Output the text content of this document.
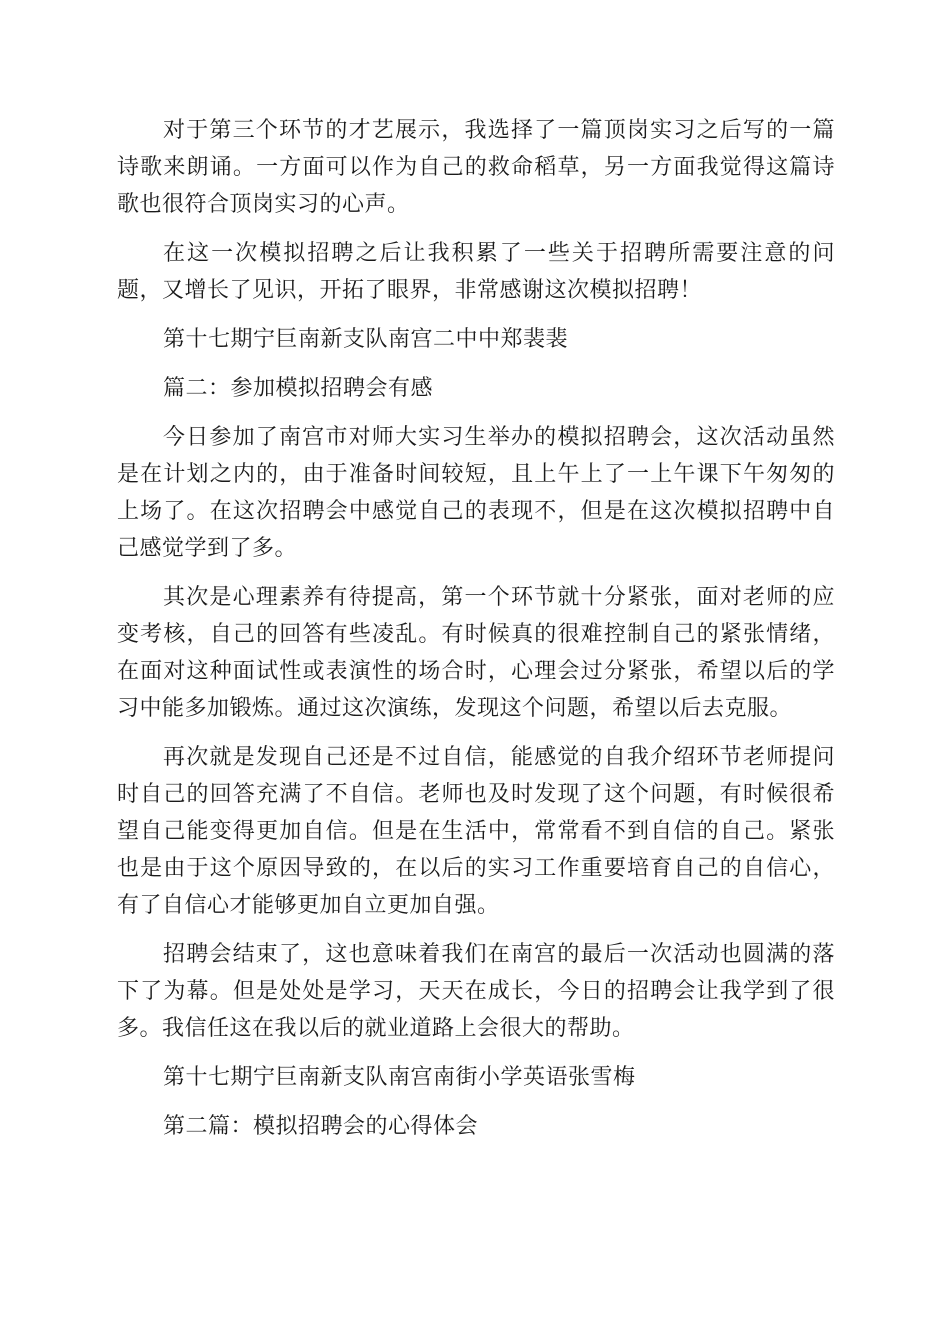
对于第三个环节的才艺展示，我选择了一篇顶岗实习之后写的一篇诗歌来朗诵。一方面可以作为自己的救命稻草，另一方面我觉得这篇诗歌也很符合顶岗实习的心声。

在这一次模拟招聘之后让我积累了一些关于招聘所需要注意的问题，又增长了见识，开拓了眼界，非常感谢这次模拟招聘！

第十七期宁巨南新支队南宫二中中郑裴裴

篇二：参加模拟招聘会有感

今日参加了南宫市对师大实习生举办的模拟招聘会，这次活动虽然是在计划之内的，由于准备时间较短，且上午上了一上午课下午匆匆的上场了。在这次招聘会中感觉自己的表现不，但是在这次模拟招聘中自己感觉学到了多。

其次是心理素养有待提高，第一个环节就十分紧张，面对老师的应变考核，自己的回答有些凌乱。有时候真的很难控制自己的紧张情绪，在面对这种面试性或表演性的场合时，心理会过分紧张，希望以后的学习中能多加锻炼。通过这次演练，发现这个问题，希望以后去克服。

再次就是发现自己还是不过自信，能感觉的自我介绍环节老师提问时自己的回答充满了不自信。老师也及时发现了这个问题，有时候很希望自己能变得更加自信。但是在生活中，常常看不到自信的自己。紧张也是由于这个原因导致的，在以后的实习工作重要培育自己的自信心，有了自信心才能够更加自立更加自强。

招聘会结束了，这也意味着我们在南宫的最后一次活动也圆满的落下了为幕。但是处处是学习，天天在成长，今日的招聘会让我学到了很多。我信任这在我以后的就业道路上会很大的帮助。

第十七期宁巨南新支队南宫南街小学英语张雪梅

第二篇：模拟招聘会的心得体会
